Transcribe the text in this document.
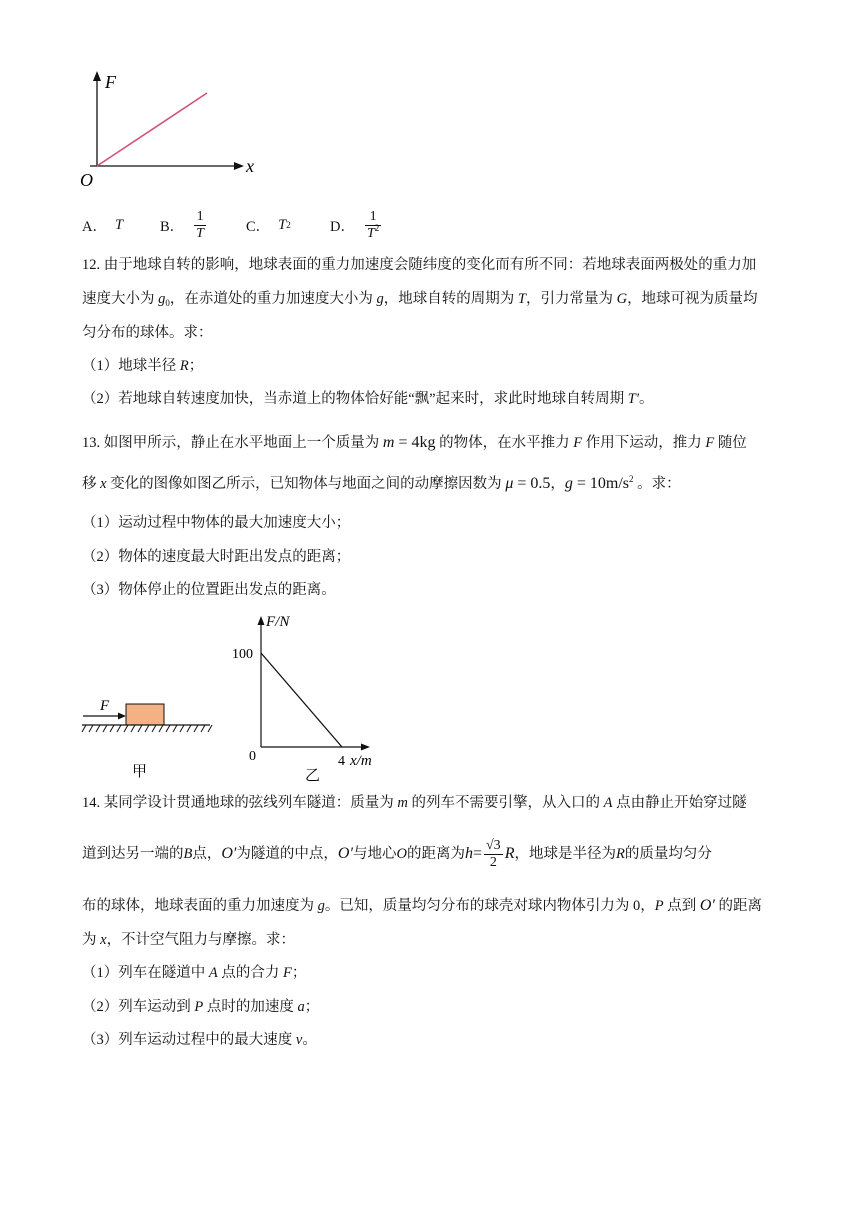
F
x
O
A． T	B． $\frac{1}{T}$	C． T 2	D． $\frac{1}{T^2}$
12. 由于地球自转的影响，地球表面的重力加速度会随纬度的变化而有所不同：若地球表面两极处的重力加
速度大小为 $g_0$，在赤道处的重力加速度大小为 g，地球自转的周期为 T，引力常量为 G，地球可视为质量均
匀分布的球体。求：
（1）地球半径 R；
（2）若地球自转速度加快，当赤道上的物体恰好能“飘”起来时，求此时地球自转周期 T′。
13. 如图甲所示，静止在水平地面上一个质量为 m = 4kg 的物体，在水平推力 F 作用下运动，推力 F 随位
移 x 变化的图像如图乙所示，已知物体与地面之间的动摩擦因数为 μ = 0.5，$g = 10m/s^2$ 。求：
（1）运动过程中物体的最大加速度大小；
（2）物体的速度最大时距出发点的距离；
（3）物体停止的位置距出发点的距离。
F
甲
F/N
100
0	4 x/m
乙
14. 某同学设计贯通地球的弦线列车隧道：质量为 m 的列车不需要引擎，从入口的 A 点由静止开始穿过隧
道到达另一端的 B 点， O′ 为隧道的中点， O′ 与地心 O 的距离为 $h = \frac{√3}{2}$ R ，地球是半径为 R 的质量均匀分
布的球体，地球表面的重力加速度为 g。已知，质量均匀分布的球壳对球内物体引力为 0，P 点到 O′ 的距离
为 x，不计空气阻力与摩擦。求：
（1）列车在隧道中 A 点的合力 F；
（2）列车运动到 P 点时的加速度 a；
（3）列车运动过程中的最大速度 v。
